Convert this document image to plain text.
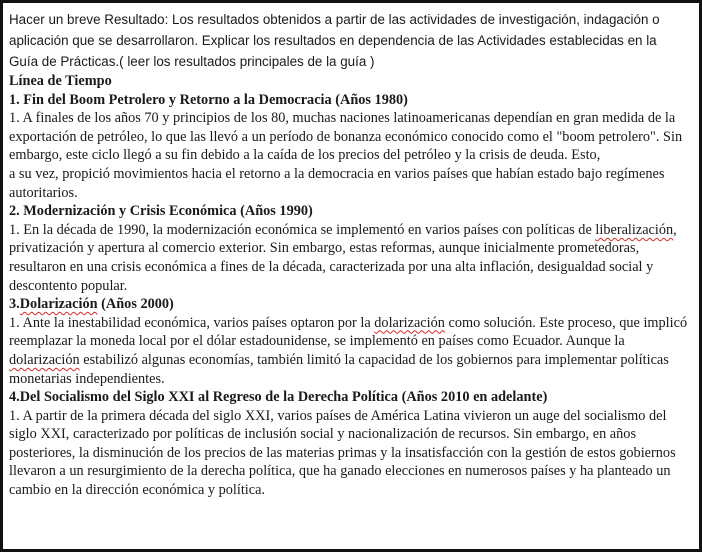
Hacer un breve Resultado: Los resultados obtenidos a partir de las actividades de investigación, indagación o aplicación que se desarrollaron. Explicar los resultados en dependencia de las Actividades establecidas en la Guía de Prácticas.( leer los resultados principales de la guía )

Línea de Tiempo

1. Fin del Boom Petrolero y Retorno a la Democracia (Años 1980)

1. A finales de los años 70 y principios de los 80, muchas naciones latinoamericanas dependían en gran medida de la exportación de petróleo, lo que las llevó a un período de bonanza económico conocido como el "boom petrolero". Sin embargo, este ciclo llegó a su fin debido a la caída de los precios del petróleo y la crisis de deuda. Esto,

a su vez, propició movimientos hacia el retorno a la democracia en varios países que habían estado bajo regímenes autoritarios.

2. Modernización y Crisis Económica (Años 1990)

1. En la década de 1990, la modernización económica se implementó en varios países con políticas de liberalización, privatización y apertura al comercio exterior. Sin embargo, estas reformas, aunque inicialmente prometedoras, resultaron en una crisis económica a fines de la década, caracterizada por una alta inflación, desigualdad social y descontento popular.

3.Dolarización (Años 2000)

1. Ante la inestabilidad económica, varios países optaron por la dolarización como solución. Este proceso, que implicó reemplazar la moneda local por el dólar estadounidense, se implementó en países como Ecuador. Aunque la dolarización estabilizó algunas economías, también limitó la capacidad de los gobiernos para implementar políticas monetarias independientes.

4.Del Socialismo del Siglo XXI al Regreso de la Derecha Política (Años 2010 en adelante)

1. A partir de la primera década del siglo XXI, varios países de América Latina vivieron un auge del socialismo del siglo XXI, caracterizado por políticas de inclusión social y nacionalización de recursos. Sin embargo, en años posteriores, la disminución de los precios de las materias primas y la insatisfacción con la gestión de estos gobiernos llevaron a un resurgimiento de la derecha política, que ha ganado elecciones en numerosos países y ha planteado un cambio en la dirección económica y política.
